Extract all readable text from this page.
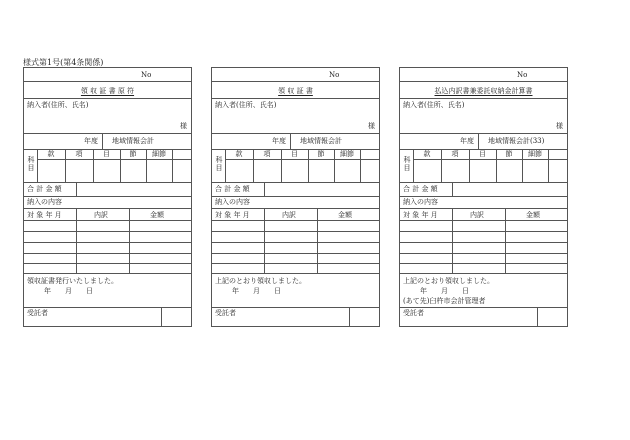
様式第1号(第4条関係)
No
領 収 証 書 原 符
納入者(住所、氏名)
様
年度 地域情報会計
科
目
款	項	目	節	細節
合 計 金 額
納入の内容
対 象 年 月	内訳	金額
領収証書発行いたしました。
年　　月　　日
受託者
No
領 収 証 書
納入者(住所、氏名)
様
年度 地域情報会計
科
目
款	項	目	節	細節
合 計 金 額
納入の内容
対 象 年 月	内訳	金額
上記のとおり領収しました。
年　　月　　日
受託者
No
払込内訳書兼委託収納金計算書
納入者(住所、氏名)
様
年度 地域情報会計(33)
科
目
款	項	目	節	細節
合 計 金 額
納入の内容
対 象 年 月	内訳	金額
上記のとおり領収しました。
年　　月　　日
(あて先)臼杵市会計管理者
受託者
